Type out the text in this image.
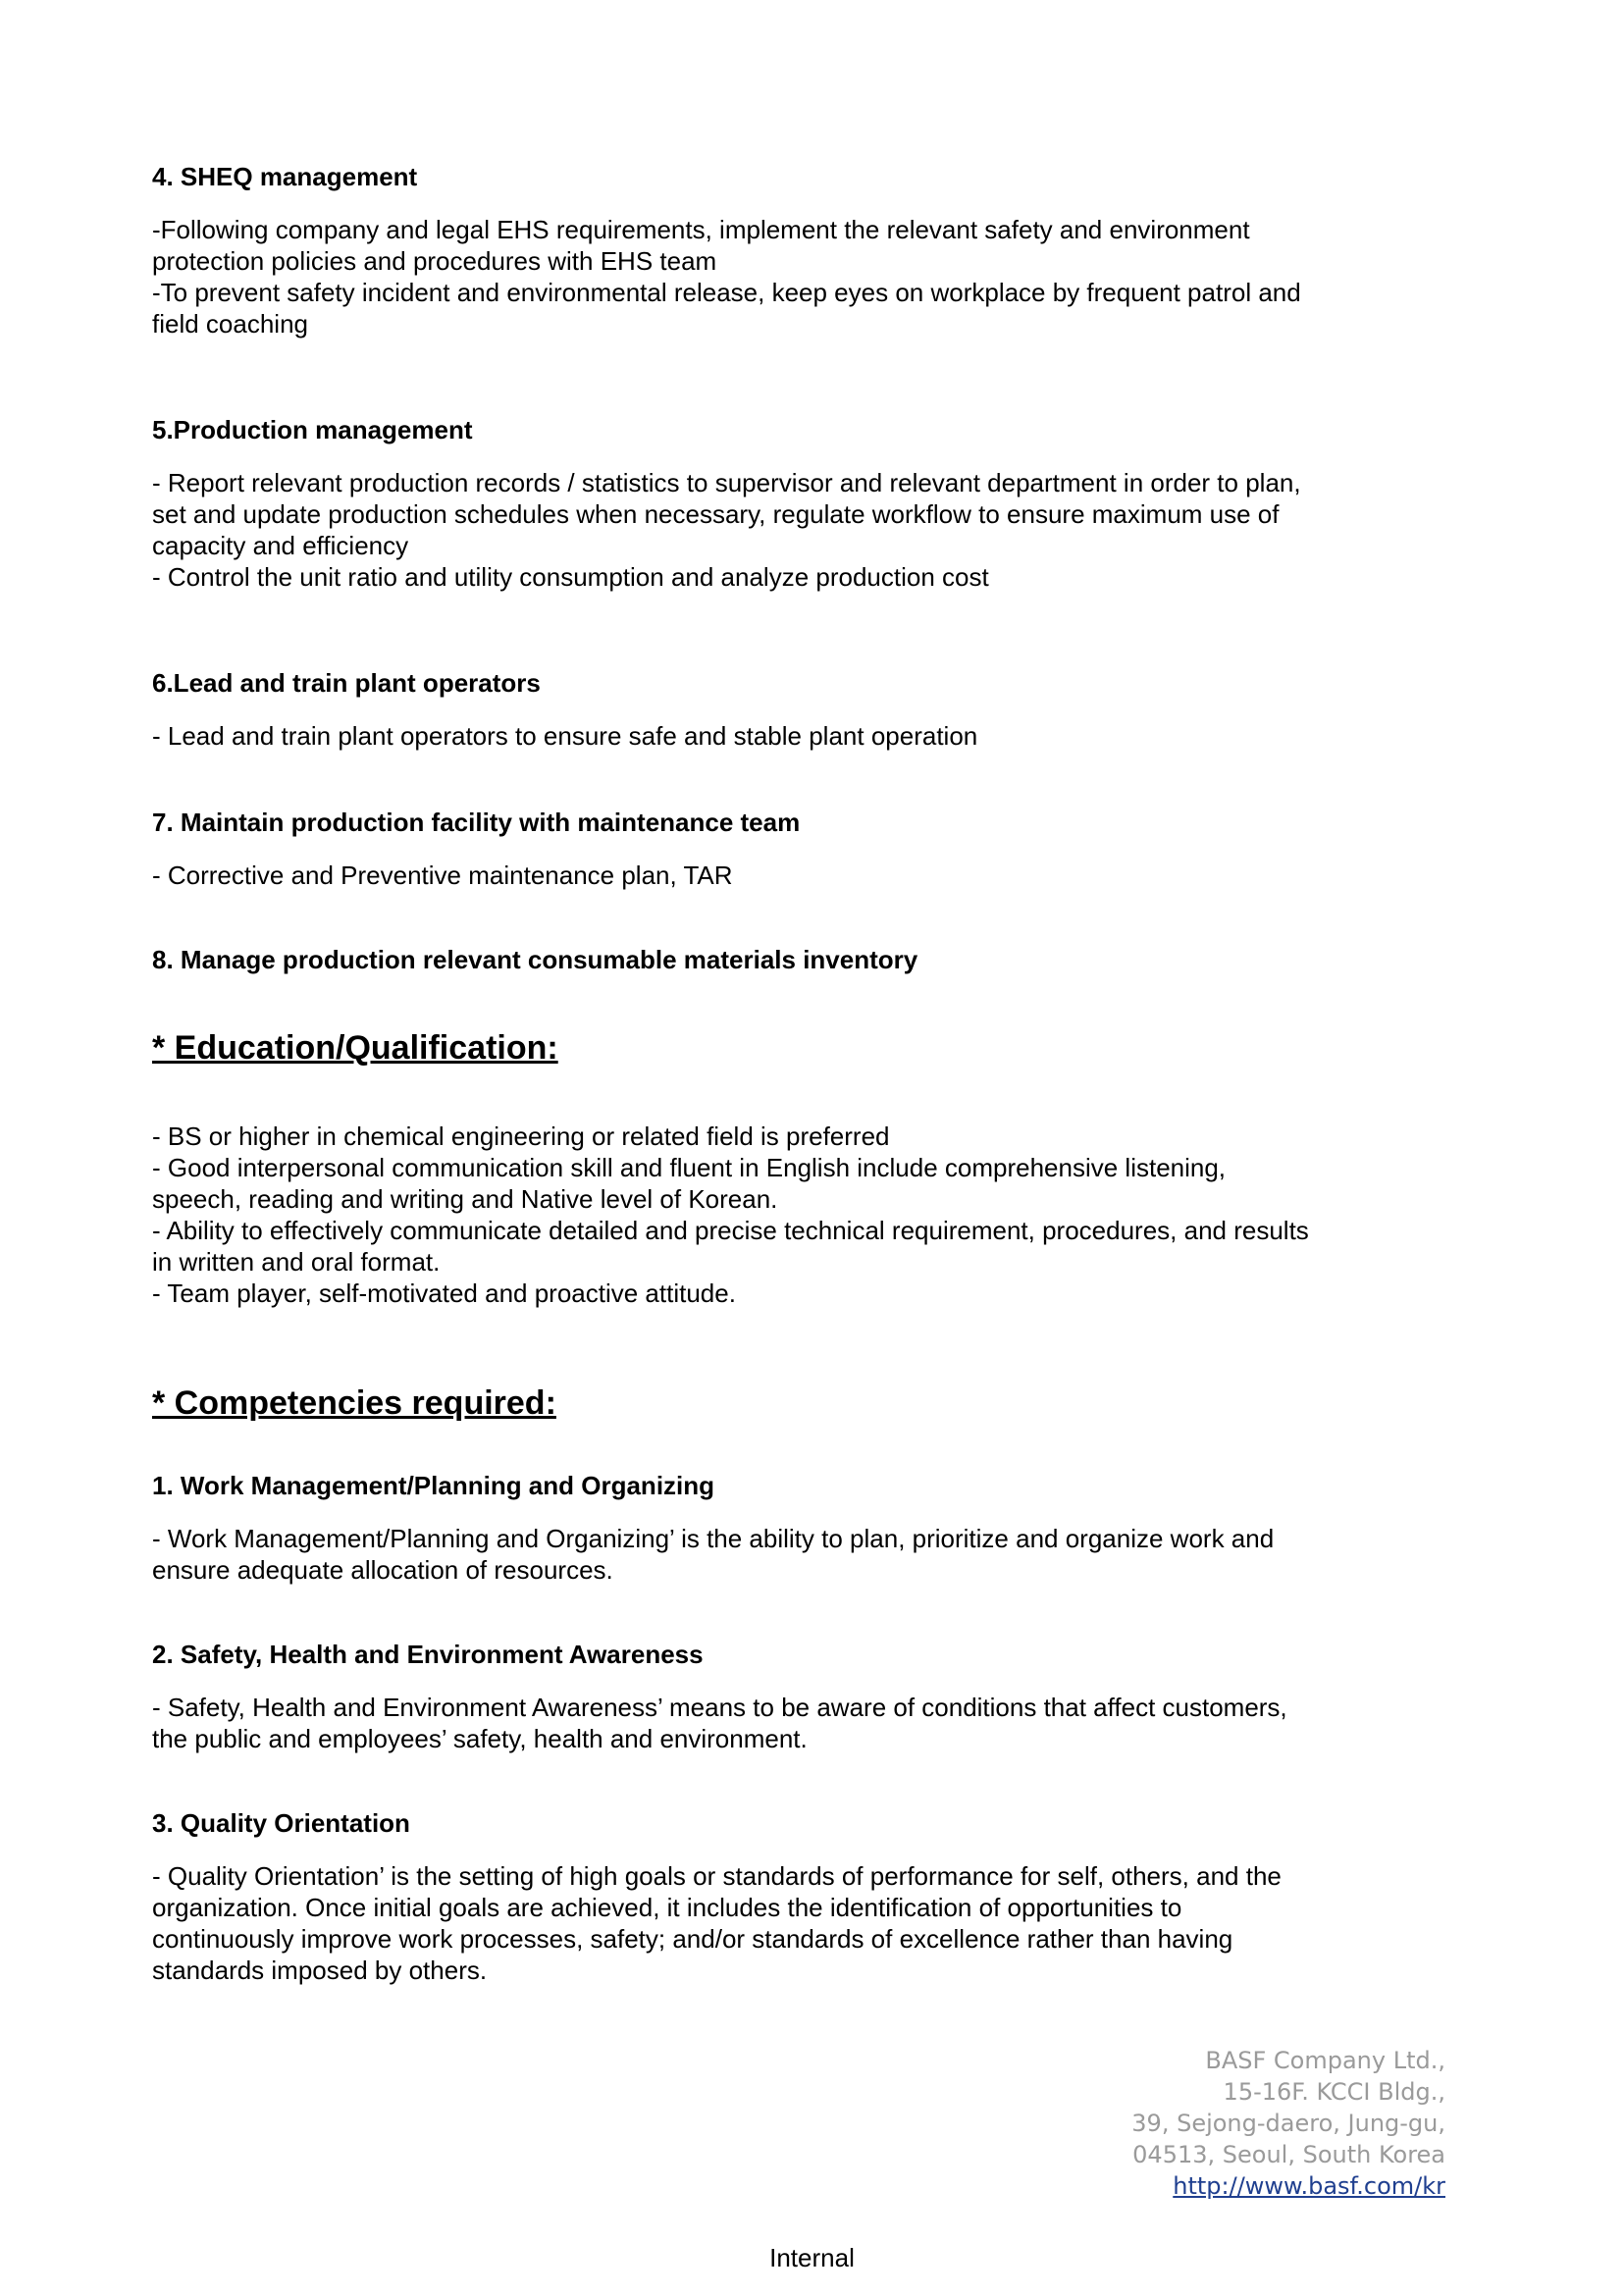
4. SHEQ management

-Following company and legal EHS requirements, implement the relevant safety and environment

protection policies and procedures with EHS team

-To prevent safety incident and environmental release, keep eyes on workplace by frequent patrol and

field coaching

5.Production management

- Report relevant production records / statistics to supervisor and relevant department in order to plan,

set and update production schedules when necessary, regulate workflow to ensure maximum use of

capacity and efficiency

- Control the unit ratio and utility consumption and analyze production cost

6.Lead and train plant operators

- Lead and train plant operators to ensure safe and stable plant operation

7. Maintain production facility with maintenance team

- Corrective and Preventive maintenance plan, TAR

8. Manage production relevant consumable materials inventory

* Education/Qualification:

- BS or higher in chemical engineering or related field is preferred

- Good interpersonal communication skill and fluent in English include comprehensive listening,

speech, reading and writing and Native level of Korean.

- Ability to effectively communicate detailed and precise technical requirement, procedures, and results

in written and oral format.

- Team player, self-motivated and proactive attitude.

* Competencies required:

1. Work Management/Planning and Organizing

- Work Management/Planning and Organizing’ is the ability to plan, prioritize and organize work and

ensure adequate allocation of resources.

2. Safety, Health and Environment Awareness

- Safety, Health and Environment Awareness’ means to be aware of conditions that affect customers,

the public and employees’ safety, health and environment.

3. Quality Orientation

- Quality Orientation’ is the setting of high goals or standards of performance for self, others, and the

organization. Once initial goals are achieved, it includes the identification of opportunities to

continuously improve work processes, safety; and/or standards of excellence rather than having

standards imposed by others.

BASF Company Ltd.,
15-16F. KCCI Bldg.,
39, Sejong-daero, Jung-gu,
04513, Seoul, South Korea
http://www.basf.com/kr
Internal
